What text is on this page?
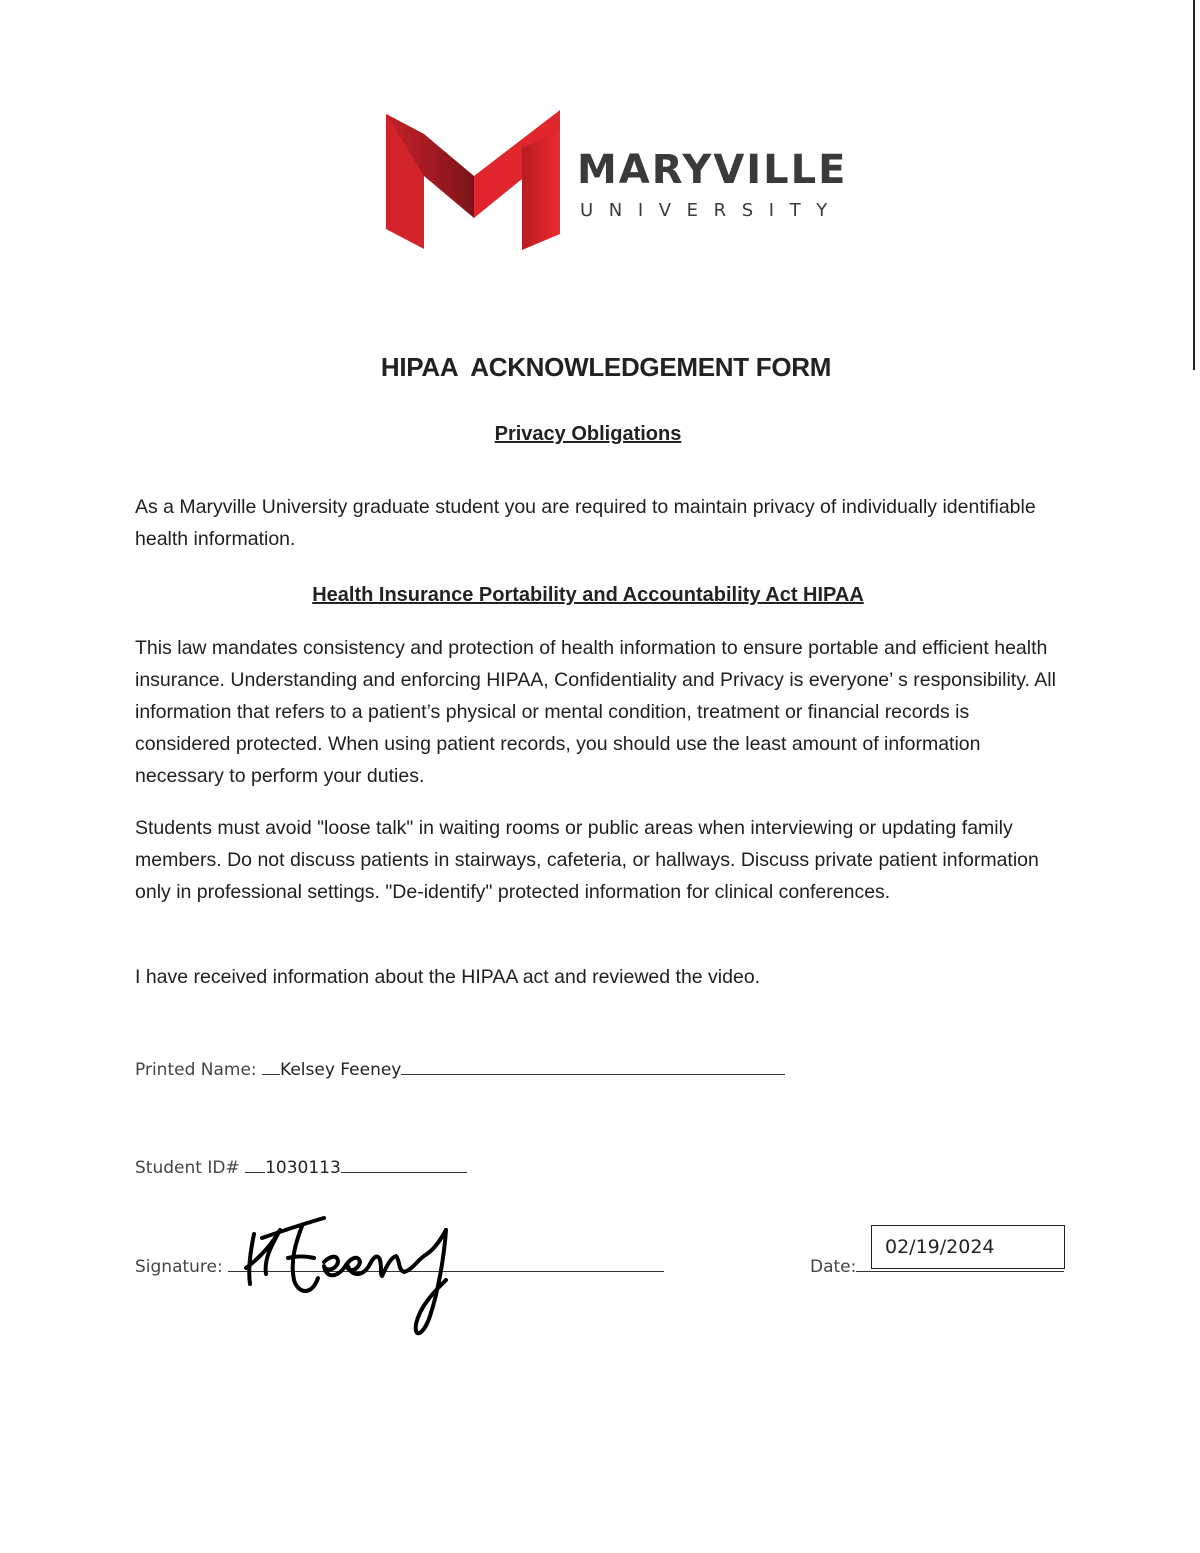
MARYVILLE
UNIVERSITY
HIPAA  ACKNOWLEDGEMENT FORM
Privacy Obligations

As a Maryville University graduate student you are required to maintain privacy of individually identifiable health information.

Health Insurance Portability and Accountability Act HIPAA

This law mandates consistency and protection of health information to ensure portable and efficient health insurance. Understanding and enforcing HIPAA, Confidentiality and Privacy is everyone’ s responsibility. All information that refers to a patient’s physical or mental condition, treatment or financial records is considered protected. When using patient records, you should use the least amount of information necessary to perform your duties.

Students must avoid "loose talk" in waiting rooms or public areas when interviewing or updating family members. Do not discuss patients in stairways, cafeteria, or hallways. Discuss private patient information only in professional settings. "De-identify" protected information for clinical conferences.

I have received information about the HIPAA act and reviewed the video.

Printed Name: Kelsey Feeney
Student ID# 1030113
Signature:	Date:
02/19/2024
